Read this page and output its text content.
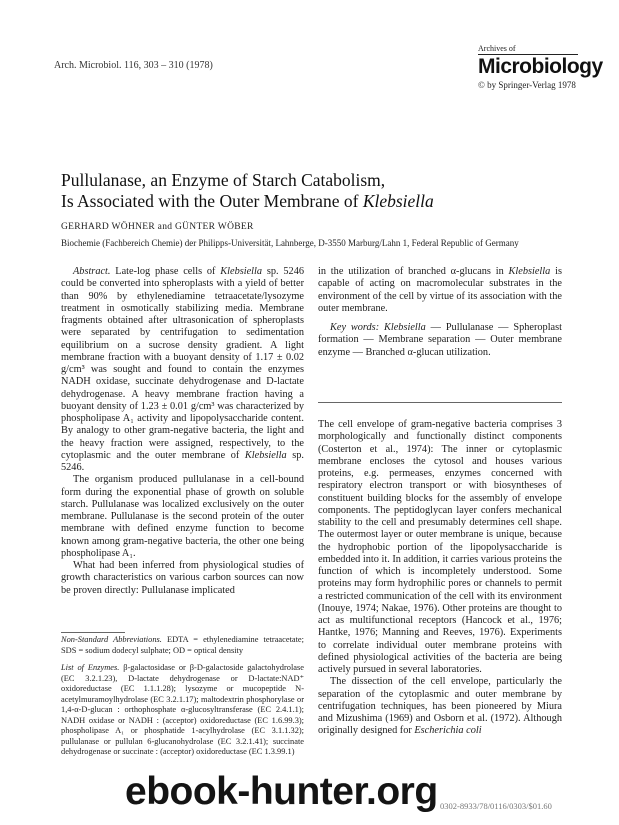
Arch. Microbiol. 116, 303 – 310 (1978)
Archives of
Microbiology
© by Springer-Verlag 1978
Pullulanase, an Enzyme of Starch Catabolism,
Is Associated with the Outer Membrane of Klebsiella
GERHARD WÖHNER and GÜNTER WÖBER
Biochemie (Fachbereich Chemie) der Philipps-Universität, Lahnberge, D-3550 Marburg/Lahn 1, Federal Republic of Germany

Abstract. Late-log phase cells of Klebsiella sp. 5246 could be converted into spheroplasts with a yield of better than 90% by ethylenediamine tetraacetate/lysozyme treatment in osmotically stabilizing media. Membrane fragments obtained after ultrasonication of spheroplasts were separated by centrifugation to sedimentation equilibrium on a sucrose density gradient. A light membrane fraction with a buoyant density of 1.17 ± 0.02 g/cm³ was sought and found to contain the enzymes NADH oxidase, succinate dehydrogenase and D-lactate dehydrogenase. A heavy membrane fraction having a buoyant density of 1.23 ± 0.01 g/cm³ was characterized by phospholipase A₁ activity and lipopolysaccharide content. By analogy to other gram-negative bacteria, the light and the heavy fraction were assigned, respectively, to the cytoplasmic and the outer membrane of Klebsiella sp. 5246.

The organism produced pullulanase in a cell-bound form during the exponential phase of growth on soluble starch. Pullulanase was localized exclusively on the outer membrane. Pullulanase is the second protein of the outer membrane with defined enzyme function to become known among gram-negative bacteria, the other one being phospholipase A₁.

What had been inferred from physiological studies of growth characteristics on various carbon sources can now be proven directly: Pullulanase implicated

Non-Standard Abbreviations. EDTA = ethylenediamine tetraacetate; SDS = sodium dodecyl sulphate; OD = optical density

List of Enzymes. β-galactosidase or β-D-galactoside galactohydrolase (EC 3.2.1.23), D-lactate dehydrogenase or D-lactate:NAD⁺ oxidoreductase (EC 1.1.1.28); lysozyme or mucopeptide N-acetylmuramoylhydrolase (EC 3.2.1.17); maltodextrin phosphorylase or 1,4-α-D-glucan : orthophosphate α-glucosyltransferase (EC 2.4.1.1); NADH oxidase or NADH : (acceptor) oxidoreductase (EC 1.6.99.3); phospholipase A₁ or phosphatide 1-acylhydrolase (EC 3.1.1.32); pullulanase or pullulan 6-glucanohydrolase (EC 3.2.1.41); succinate dehydrogenase or succinate : (acceptor) oxidoreductase (EC 1.3.99.1)

in the utilization of branched α-glucans in Klebsiella is capable of acting on macromolecular substrates in the environment of the cell by virtue of its association with the outer membrane.

Key words: Klebsiella — Pullulanase — Spheroplast formation — Membrane separation — Outer membrane enzyme — Branched α-glucan utilization.

The cell envelope of gram-negative bacteria comprises 3 morphologically and functionally distinct components (Costerton et al., 1974): The inner or cytoplasmic membrane encloses the cytosol and houses various proteins, e.g. permeases, enzymes concerned with respiratory electron transport or with biosyntheses of constituent building blocks for the assembly of envelope components. The peptidoglycan layer confers mechanical stability to the cell and presumably determines cell shape. The outermost layer or outer membrane is unique, because the hydrophobic portion of the lipopolysaccharide is embedded into it. In addition, it carries various proteins the function of which is incompletely understood. Some proteins may form hydrophilic pores or channels to permit a restricted communication of the cell with its environment (Inouye, 1974; Nakae, 1976). Other proteins are thought to act as multifunctional receptors (Hancock et al., 1976; Hantke, 1976; Manning and Reeves, 1976). Experiments to correlate individual outer membrane proteins with defined physiological activities of the bacteria are being actively pursued in several laboratories.

The dissection of the cell envelope, particularly the separation of the cytoplasmic and outer membrane by centrifugation techniques, has been pioneered by Miura and Mizushima (1969) and Osborn et al. (1972). Although originally designed for Escherichia coli

0302-8933/78/0116/0303/$01.60
ebook-hunter.org
